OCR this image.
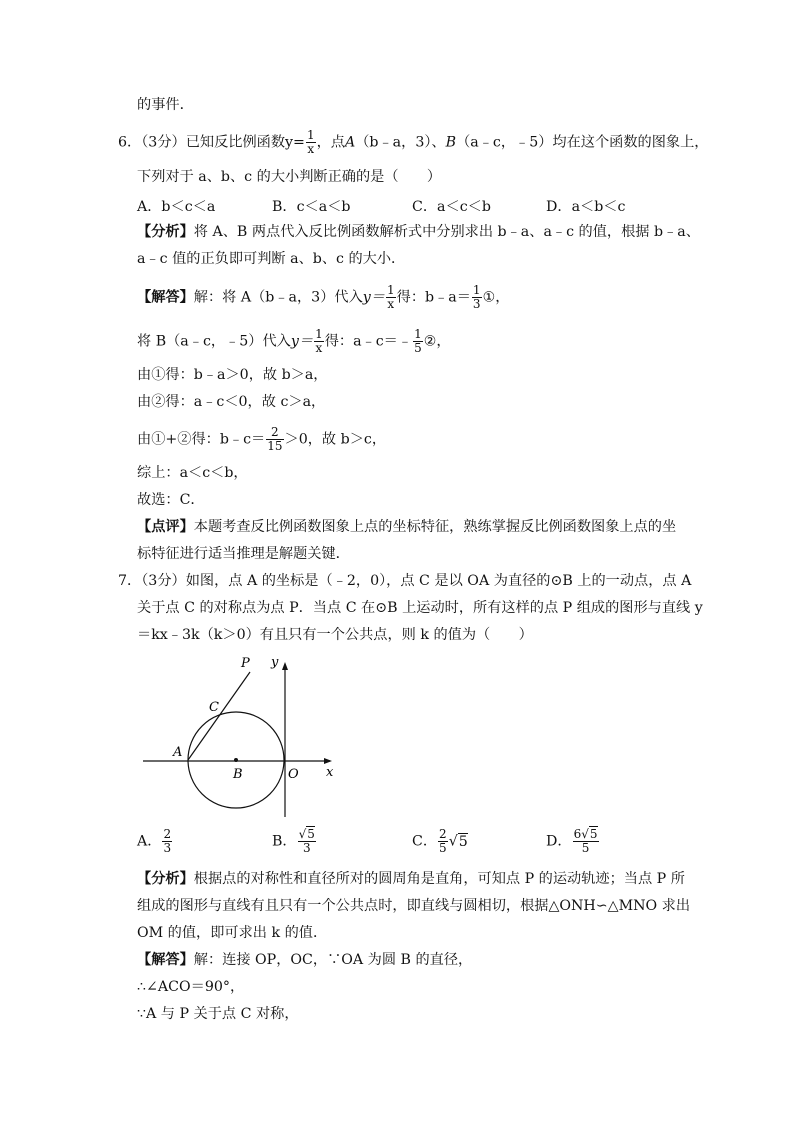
的事件．
6．（3分）已知反比例函数$y= \frac{1}{x}$ ，点A（b﹣a，3）、B（a﹣c，﹣5）均在这个函数的图象上，
下列对于 a、b、c 的大小判断正确的是（　　）
A．b＜c＜a	B．c＜a＜b	C．a＜c＜b	D．a＜b＜c
【分析】将 A、B 两点代入反比例函数解析式中分别求出 b﹣a、a﹣c 的值，根据 b﹣a、
a﹣c 值的正负即可判断 a、b、c 的大小．
【解答】解：将 A（b﹣a，3）代入$y= \frac{1}{x}$ 得：b﹣a＝ $\frac{1}{3}$ ①，
将 B（a﹣c，﹣5）代入$y= \frac{1}{x}$ 得：a﹣c＝﹣ $\frac{1}{5}$ ②，
由①得：b﹣a＞0，故 b＞a，
由②得：a﹣c＜0，故 c＞a，
由①+②得：b﹣c＝ $\frac{2}{15} >0$，故 b＞c，
综上：a＜c＜b，
故选：C．
【点评】本题考查反比例函数图象上点的坐标特征，熟练掌握反比例函数图象上点的坐
标特征进行适当推理是解题关键．
7．（3分）如图，点 A 的坐标是（﹣2，0），点 C 是以 OA 为直径的⊙B 上的一动点，点 A
关于点 C 的对称点为点 P．当点 C 在⊙B 上运动时，所有这样的点 P 组成的图形与直线 y
＝kx﹣3k（k＞0）有且只有一个公共点，则 k 的值为（　　）
P
C
A
B	O x
y
A． $\frac{2}{3}$	B． $\frac{√5}{3}$	C． $\frac{2}{5} √5$	D． $\frac{6√5}{5}$
【分析】根据点的对称性和直径所对的圆周角是直角，可知点 P 的运动轨迹；当点 P 所
组成的图形与直线有且只有一个公共点时，即直线与圆相切，根据△ONH∽△MNO 求出
OM 的值，即可求出 k 的值．
【解答】解：连接 OP，OC，∵OA 为圆 B 的直径，
∴∠ACO＝90°，
∵A 与 P 关于点 C 对称，
